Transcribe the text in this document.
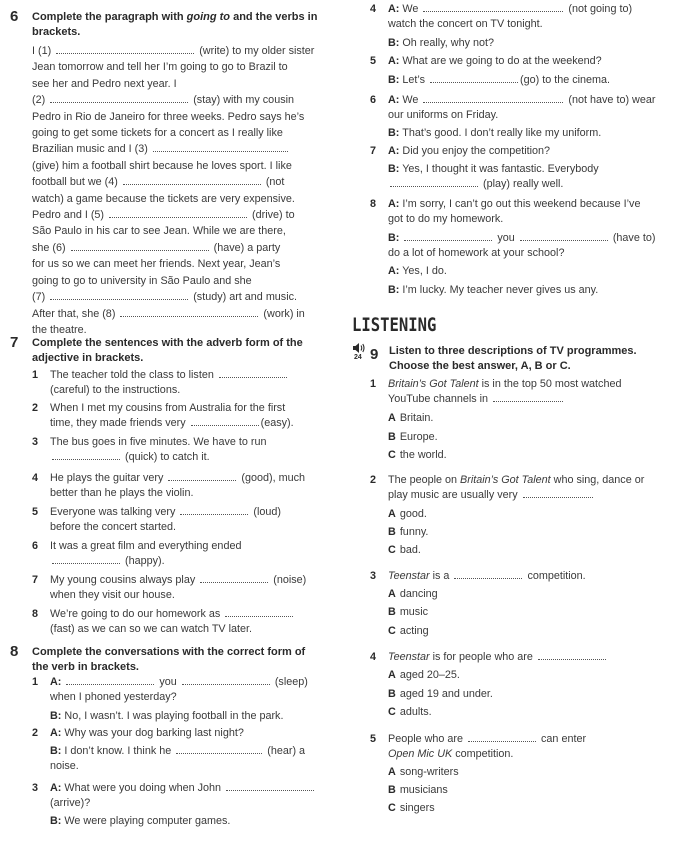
6 Complete the paragraph with going to and the verbs in
brackets.
I (1)	(write) to my older sister
Jean tomorrow and tell her I’m going to go to Brazil to
see her and Pedro next year. I
(2)	(stay) with my cousin
Pedro in Rio de Janeiro for three weeks. Pedro says he’s
going to get some tickets for a concert as I really like
Brazilian music and I (3)
(give) him a football shirt because he loves sport. I like
football but we (4)	(not
watch) a game because the tickets are very expensive.
Pedro and I (5)	(drive) to
São Paulo in his car to see Jean. While we are there,
she (6)	(have) a party
for us so we can meet her friends. Next year, Jean’s
going to go to university in São Paulo and she
(7)	(study) art and music.
After that, she (8)	(work) in
the theatre.
7 Complete the sentences with the adverb form of the
adjective in brackets.
1 The teacher told the class to listen
(careful) to the instructions.
2 When I met my cousins from Australia for the first
time, they made friends very	(easy).
3 The bus goes in five minutes. We have to run
(quick) to catch it.
4 He plays the guitar very	(good), much
better than he plays the violin.
5 Everyone was talking very	(loud)
before the concert started.
6 It was a great film and everything ended
(happy).
7 My young cousins always play	(noise)
when they visit our house.
8 We’re going to do our homework as
(fast) as we can so we can watch TV later.
8 Complete the conversations with the correct form of
the verb in brackets.
1 A:	you	(sleep)
when I phoned yesterday?
B: No, I wasn’t. I was playing football in the park.
2 A: Why was your dog barking last night?
B: I don’t know. I think he	(hear) a
noise.
3 A: What were you doing when John
(arrive)?
B: We were playing computer games.
4 A: We	(not going to)
watch the concert on TV tonight.
B: Oh really, why not?
5 A: What are we going to do at the weekend?
B: Let’s	(go) to the cinema.
6 A: We	(not have to) wear
our uniforms on Friday.
B: That’s good. I don’t really like my uniform.
7 A: Did you enjoy the competition?
B: Yes, I thought it was fantastic. Everybody
(play) really well.
8 A: I’m sorry, I can’t go out this weekend because I’ve
got to do my homework.
B:	you	(have to)
do a lot of homework at your school?
A: Yes, I do.
B: I’m lucky. My teacher never gives us any.
LISTENING
24 9 Listen to three descriptions of TV programmes.
Choose the best answer, A, B or C.
1 Britain’s Got Talent is in the top 50 most watched
YouTube channels in
A Britain.
B Europe.
C the world.
2 The people on Britain’s Got Talent who sing, dance or
play music are usually very
A good.
B funny.
C bad.
3 Teenstar is a	competition.
A dancing
B music
C acting
4 Teenstar is for people who are
A aged 20–25.
B aged 19 and under.
C adults.
5 People who are	can enter
Open Mic UK competition.
A song-writers
B musicians
C singers
